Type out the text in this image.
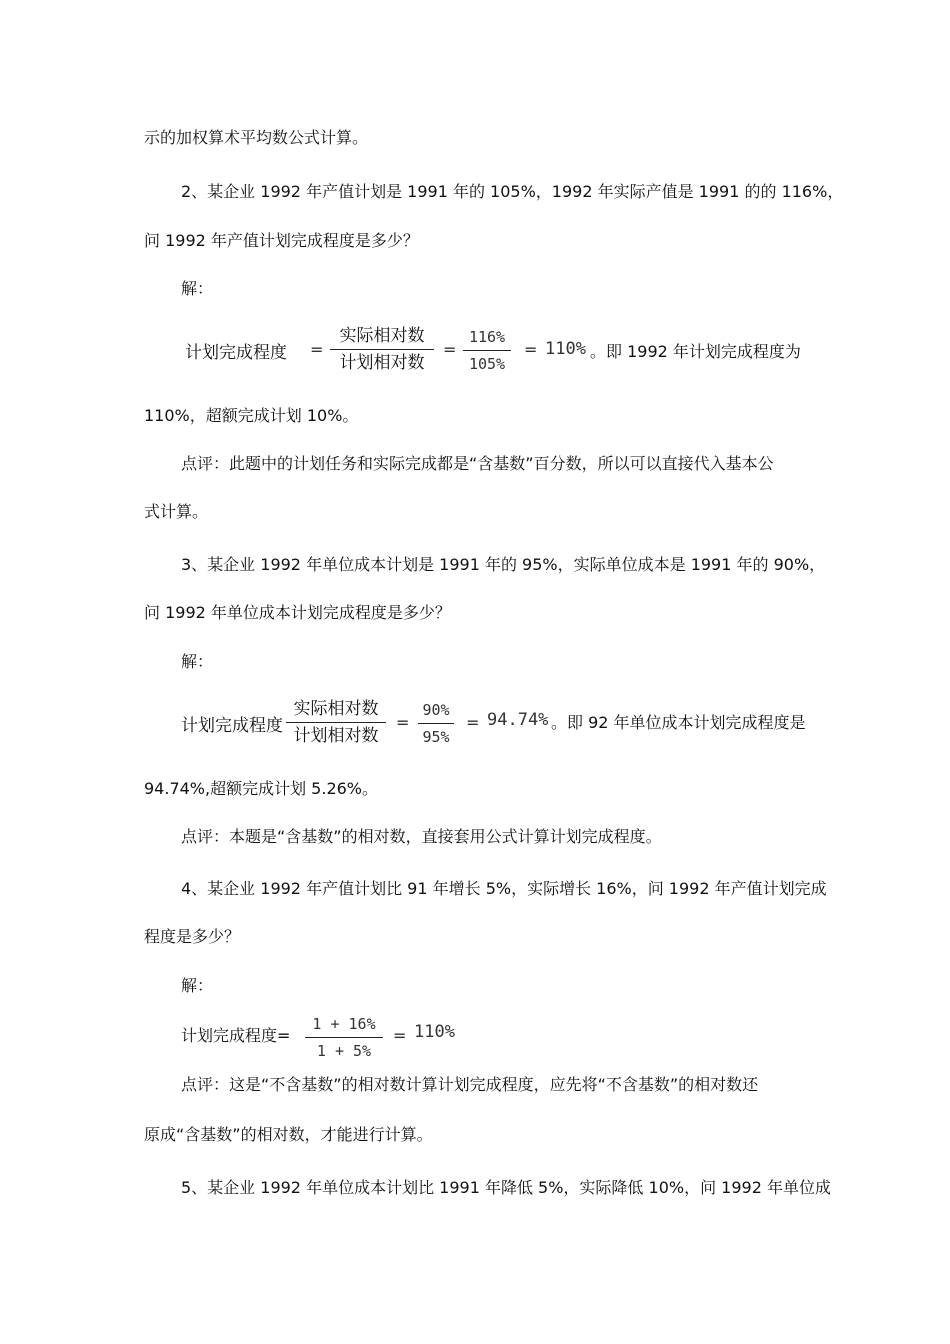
示的加权算术平均数公式计算。
2、某企业 1992 年产值计划是 1991 年的 105%，1992 年实际产值是 1991 的的 116%，
问 1992 年产值计划完成程度是多少？
解：
计划完成程度 =
实际相对数
计划相对数
=
116%
105%
= 110% 。即 1992 年计划完成程度为
110%，超额完成计划 10%。
点评：此题中的计划任务和实际完成都是“含基数”百分数，所以可以直接代入基本公
式计算。
3、某企业 1992 年单位成本计划是 1991 年的 95%，实际单位成本是 1991 年的 90%，
问 1992 年单位成本计划完成程度是多少？
解：
计划完成程度
实际相对数
计划相对数
=
90%
95%
= 94.74% 。即 92 年单位成本计划完成程度是
94.74%,超额完成计划 5.26%。
点评：本题是“含基数”的相对数，直接套用公式计算计划完成程度。
4、某企业 1992 年产值计划比 91 年增长 5%，实际增长 16%，问 1992 年产值计划完成
程度是多少？
解：
计划完成程度=
1 + 16%
1 + 5%
= 110%
点评：这是“不含基数”的相对数计算计划完成程度，应先将“不含基数”的相对数还
原成“含基数”的相对数，才能进行计算。
5、某企业 1992 年单位成本计划比 1991 年降低 5%，实际降低 10%，问 1992 年单位成
